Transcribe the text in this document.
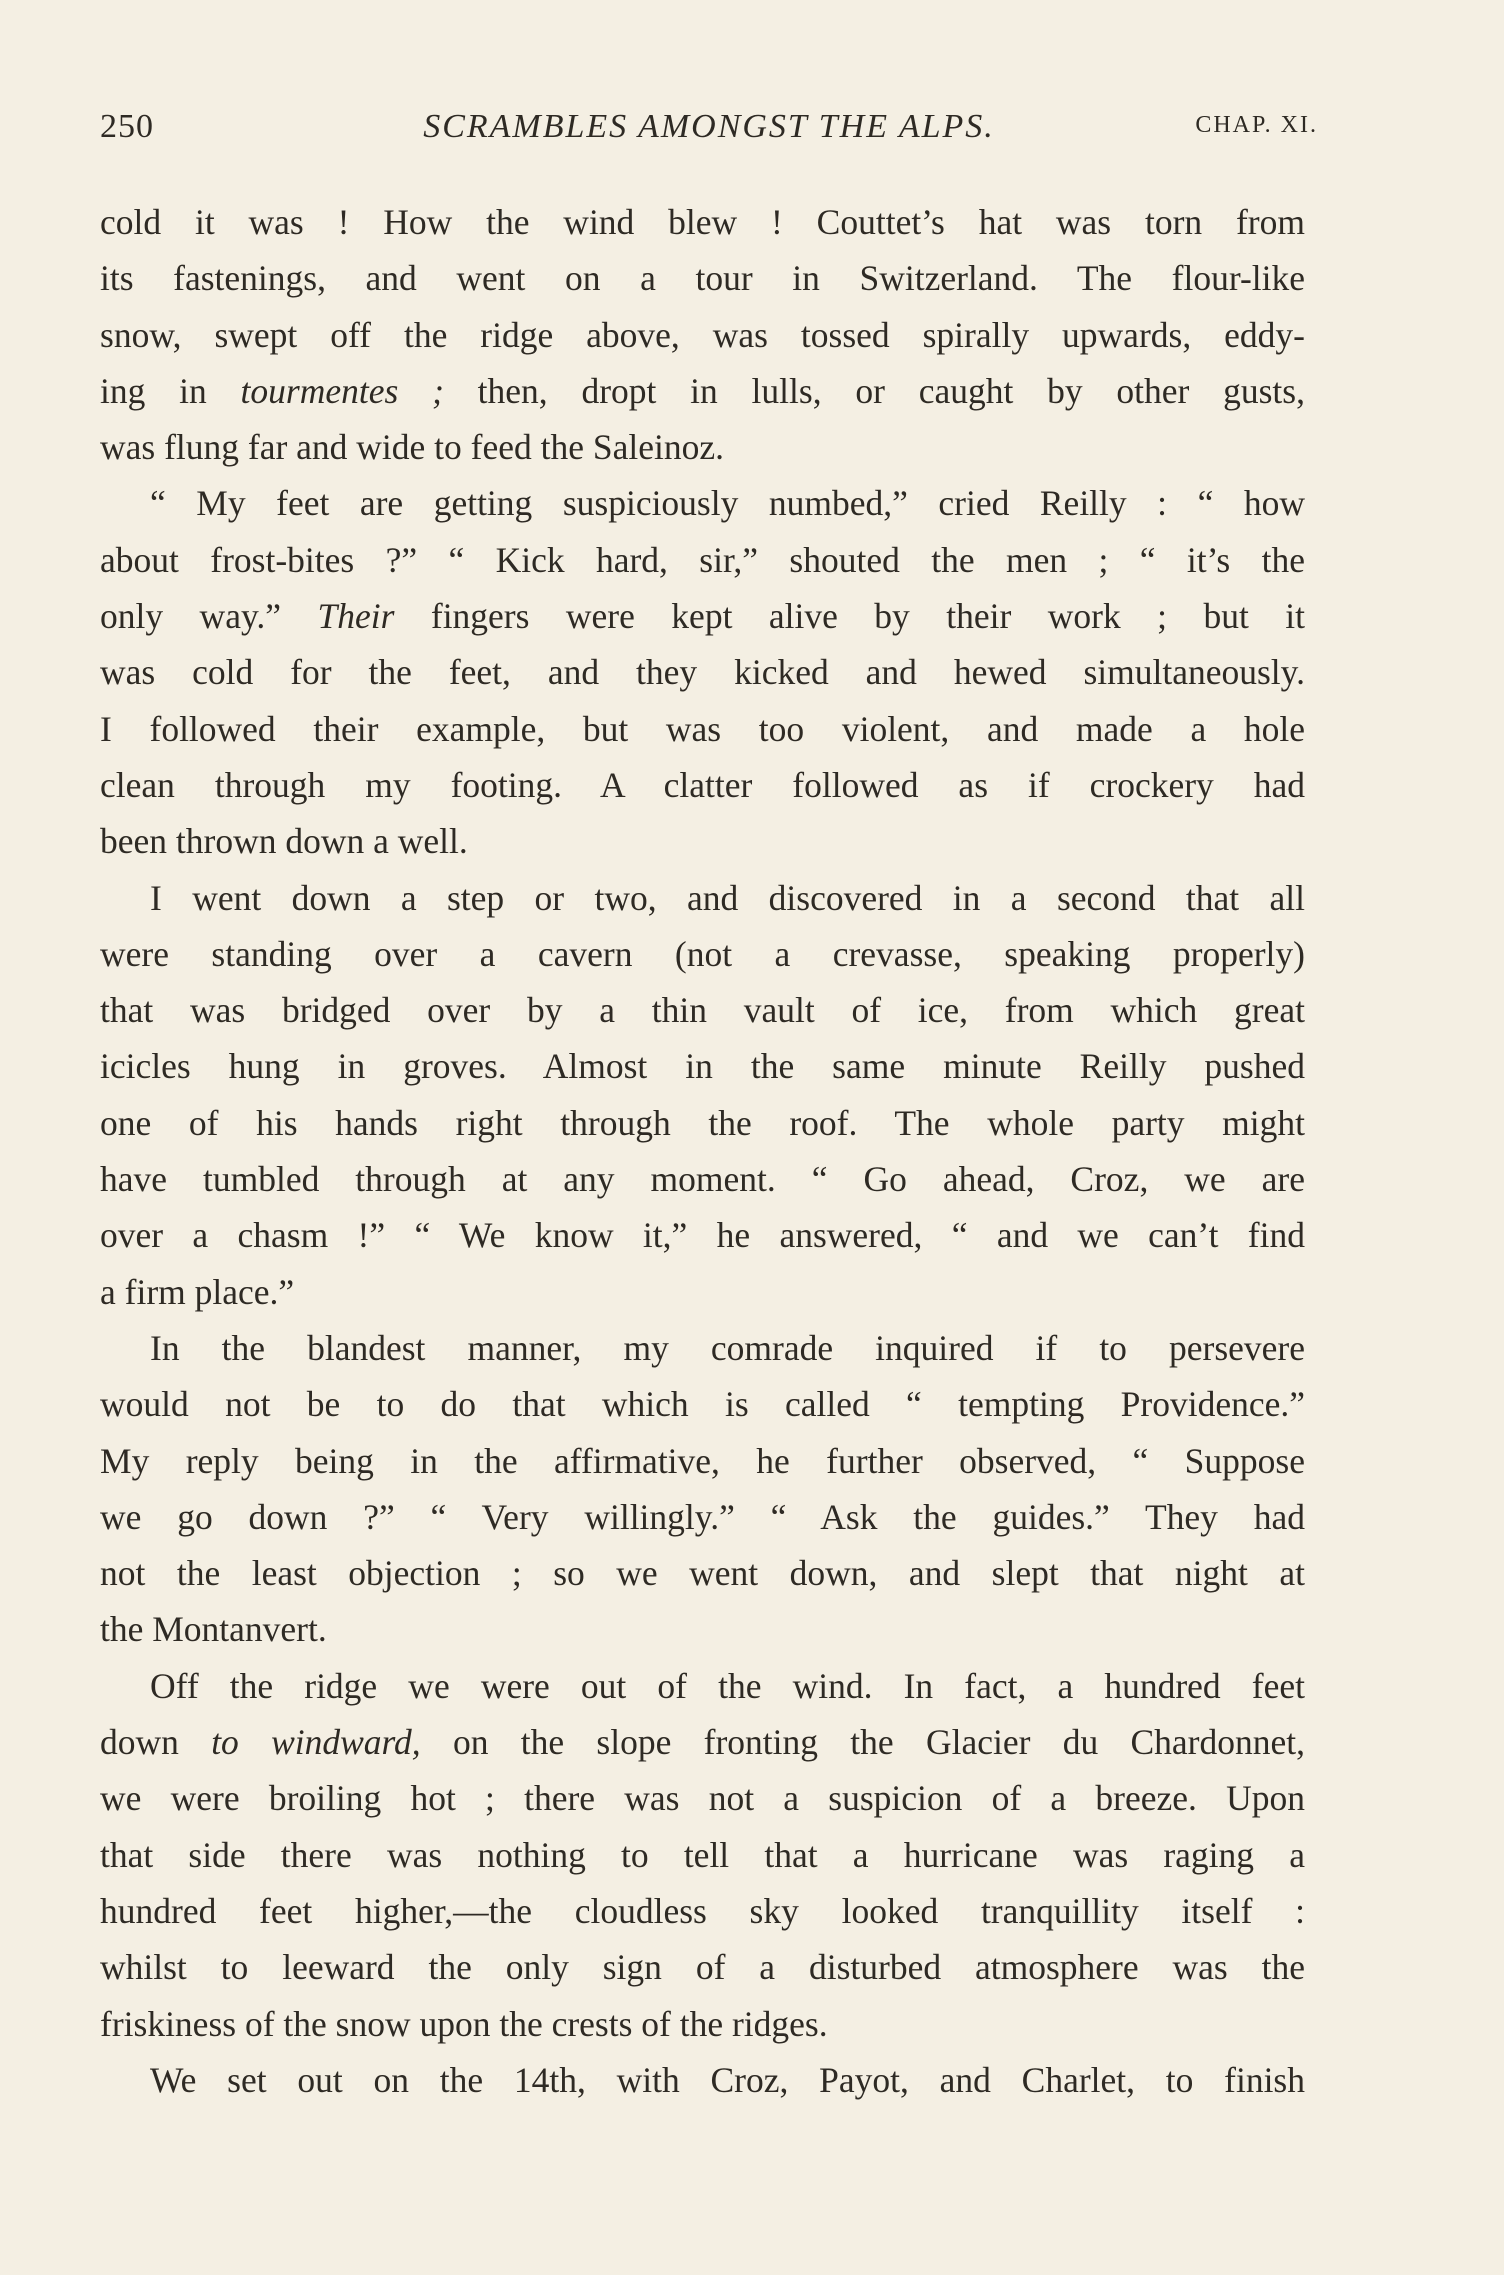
250	SCRAMBLES AMONGST THE ALPS.	CHAP. XI.
cold it was ! How the wind blew ! Couttet’s hat was torn from
its fastenings, and went on a tour in Switzerland. The flour-like
snow, swept off the ridge above, was tossed spirally upwards, eddy-
ing in tourmentes ; then, dropt in lulls, or caught by other gusts,
was flung far and wide to feed the Saleinoz.
“ My feet are getting suspiciously numbed,” cried Reilly : “ how
about frost-bites ?” “ Kick hard, sir,” shouted the men ; “ it’s the
only way.” Their fingers were kept alive by their work ; but it
was cold for the feet, and they kicked and hewed simultaneously.
I followed their example, but was too violent, and made a hole
clean through my footing. A clatter followed as if crockery had
been thrown down a well.
I went down a step or two, and discovered in a second that all
were standing over a cavern (not a crevasse, speaking properly)
that was bridged over by a thin vault of ice, from which great
icicles hung in groves. Almost in the same minute Reilly pushed
one of his hands right through the roof. The whole party might
have tumbled through at any moment. “ Go ahead, Croz, we are
over a chasm !” “ We know it,” he answered, “ and we can’t find
a firm place.”
In the blandest manner, my comrade inquired if to persevere
would not be to do that which is called “ tempting Providence.”
My reply being in the affirmative, he further observed, “ Suppose
we go down ?” “ Very willingly.” “ Ask the guides.” They had
not the least objection ; so we went down, and slept that night at
the Montanvert.
Off the ridge we were out of the wind. In fact, a hundred feet
down to windward, on the slope fronting the Glacier du Chardonnet,
we were broiling hot ; there was not a suspicion of a breeze. Upon
that side there was nothing to tell that a hurricane was raging a
hundred feet higher,—the cloudless sky looked tranquillity itself :
whilst to leeward the only sign of a disturbed atmosphere was the
friskiness of the snow upon the crests of the ridges.
We set out on the 14th, with Croz, Payot, and Charlet, to finish
